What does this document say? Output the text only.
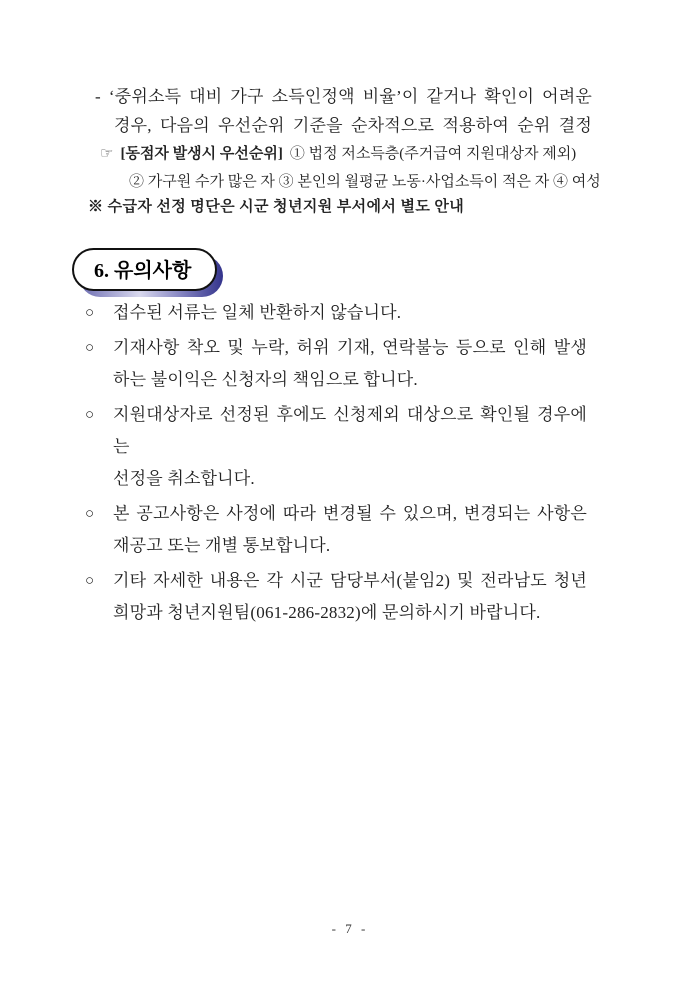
- ‘중위소득 대비 가구 소득인정액 비율’이 같거나 확인이 어려운
경우, 다음의 우선순위 기준을 순차적으로 적용하여 순위 결정
☞ [동점자 발생시 우선순위] ① 법정 저소득층(주거급여 지원대상자 제외)
② 가구원 수가 많은 자 ③ 본인의 월평균 노동·사업소득이 적은 자 ④ 여성
※ 수급자 선정 명단은 시군 청년지원 부서에서 별도 안내
6. 유의사항
○ 접수된 서류는 일체 반환하지 않습니다.
○ 기재사항 착오 및 누락, 허위 기재, 연락불능 등으로 인해 발생
하는 불이익은 신청자의 책임으로 합니다.
○ 지원대상자로 선정된 후에도 신청제외 대상으로 확인될 경우에는
선정을 취소합니다.
○ 본 공고사항은 사정에 따라 변경될 수 있으며, 변경되는 사항은
재공고 또는 개별 통보합니다.
○ 기타 자세한 내용은 각 시군 담당부서(붙임2) 및 전라남도 청년
희망과 청년지원팀(061-286-2832)에 문의하시기 바랍니다.
- 7 -
